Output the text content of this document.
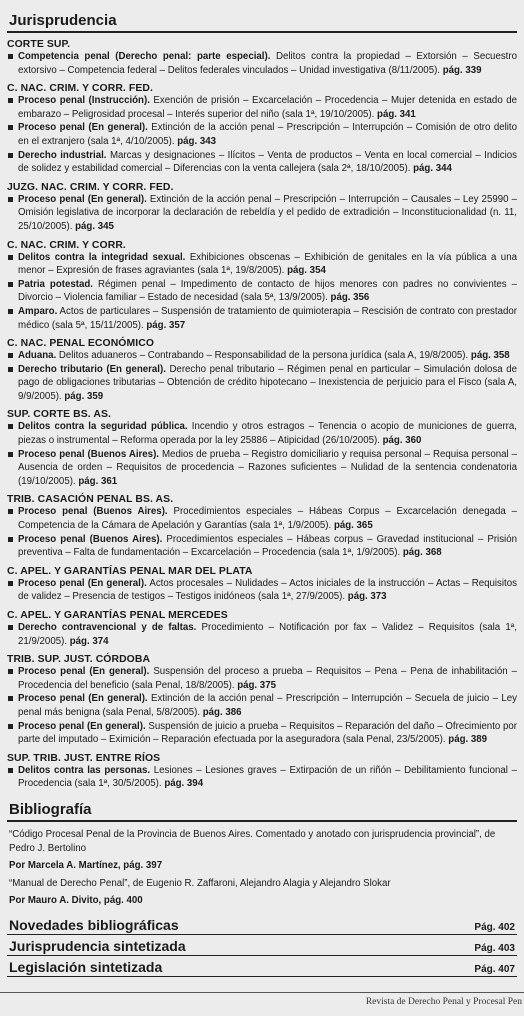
Jurisprudencia
CORTE SUP.
Competencia penal (Derecho penal: parte especial). Delitos contra la propiedad – Extorsión – Secuestro extorsivo – Competencia federal – Delitos federales vinculados – Unidad investigativa (8/11/2005). pág. 339
C. NAC. CRIM. Y CORR. FED.
Proceso penal (Instrucción). Exención de prisión – Excarcelación – Procedencia – Mujer detenida en estado de embarazo – Peligrosidad procesal – Interés superior del niño (sala 1ª, 19/10/2005). pág. 341
Proceso penal (En general). Extinción de la acción penal – Prescripción – Interrupción – Comisión de otro delito en el extranjero (sala 1ª, 4/10/2005). pág. 343
Derecho industrial. Marcas y designaciones – Ilícitos – Venta de productos – Venta en local comercial – Indicios de solidez y estabilidad comercial – Diferencias con la venta callejera (sala 2ª, 18/10/2005). pág. 344
JUZG. NAC. CRIM. Y CORR. FED.
Proceso penal (En general). Extinción de la acción penal – Prescripción – Interrupción – Causales – Ley 25990 – Omisión legislativa de incorporar la declaración de rebeldía y el pedido de extradición – Inconstitucionalidad (n. 11, 25/10/2005). pág. 345
C. NAC. CRIM. Y CORR.
Delitos contra la integridad sexual. Exhibiciones obscenas – Exhibición de genitales en la vía pública a una menor – Expresión de frases agraviantes (sala 1ª, 19/8/2005). pág. 354
Patria potestad. Régimen penal – Impedimento de contacto de hijos menores con padres no convivientes – Divorcio – Violencia familiar – Estado de necesidad (sala 5ª, 13/9/2005). pág. 356
Amparo. Actos de particulares – Suspensión de tratamiento de quimioterapia – Rescisión de contrato con prestador médico (sala 5ª, 15/11/2005). pág. 357
C. NAC. PENAL ECONÓMICO
Aduana. Delitos aduaneros – Contrabando – Responsabilidad de la persona jurídica (sala A, 19/8/2005). pág. 358
Derecho tributario (En general). Derecho penal tributario – Régimen penal en particular – Simulación dolosa de pago de obligaciones tributarias – Obtención de crédito hipotecano – Inexistencia de perjuicio para el Fisco (sala A, 9/9/2005). pág. 359
SUP. CORTE BS. AS.
Delitos contra la seguridad pública. Incendio y otros estragos – Tenencia o acopio de municiones de guerra, piezas o instrumental – Reforma operada por la ley 25886 – Atipicidad (26/10/2005). pág. 360
Proceso penal (Buenos Aires). Medios de prueba – Registro domiciliario y requisa personal – Requisa personal – Ausencia de orden – Requisitos de procedencia – Razones suficientes – Nulidad de la sentencia condenatoria (19/10/2005). pág. 361
TRIB. CASACIÓN PENAL BS. AS.
Proceso penal (Buenos Aires). Procedimientos especiales – Hábeas Corpus – Excarcelación denegada – Competencia de la Cámara de Apelación y Garantías (sala 1ª, 1/9/2005). pág. 365
Proceso penal (Buenos Aires). Procedimientos especiales – Hábeas corpus – Gravedad institucional – Prisión preventiva – Falta de fundamentación – Excarcelación – Procedencia (sala 1ª, 1/9/2005). pág. 368
C. APEL. Y GARANTÍAS PENAL MAR DEL PLATA
Proceso penal (En general). Actos procesales – Nulidades – Actos iniciales de la instrucción – Actas – Requisitos de validez – Presencia de testigos – Testigos inidóneos (sala 1ª, 27/9/2005). pág. 373
C. APEL. Y GARANTÍAS PENAL MERCEDES
Derecho contravencional y de faltas. Procedimiento – Notificación por fax – Validez – Requisitos (sala 1ª, 21/9/2005). pág. 374
TRIB. SUP. JUST. CÓRDOBA
Proceso penal (En general). Suspensión del proceso a prueba – Requisitos – Pena – Pena de inhabilitación – Procedencia del beneficio (sala Penal, 18/8/2005). pág. 375
Proceso penal (En general). Extinción de la acción penal – Prescripción – Interrupción – Secuela de juicio – Ley penal más benigna (sala Penal, 5/8/2005). pág. 386
Proceso penal (En general). Suspensión de juicio a prueba – Requisitos – Reparación del daño – Ofrecimiento por parte del imputado – Eximición – Reparación efectuada por la aseguradora (sala Penal, 23/5/2005). pág. 389
SUP. TRIB. JUST. ENTRE RÍOS
Delitos contra las personas. Lesiones – Lesiones graves – Extirpación de un riñón – Debilitamiento funcional – Procedencia (sala 1ª, 30/5/2005). pág. 394
Bibliografía
“Código Procesal Penal de la Provincia de Buenos Aires. Comentado y anotado con jurisprudencia provincial”, de Pedro J. Bertolino
Por Marcela A. Martínez, pág. 397
“Manual de Derecho Penal”, de Eugenio R. Zaffaroni, Alejandro Alagia y Alejandro Slokar
Por Mauro A. Divito, pág. 400
Novedades bibliográficas	Pág. 402
Jurisprudencia sintetizada	Pág. 403
Legislación sintetizada	Pág. 407
Revista de Derecho Penal y Procesal Pen
